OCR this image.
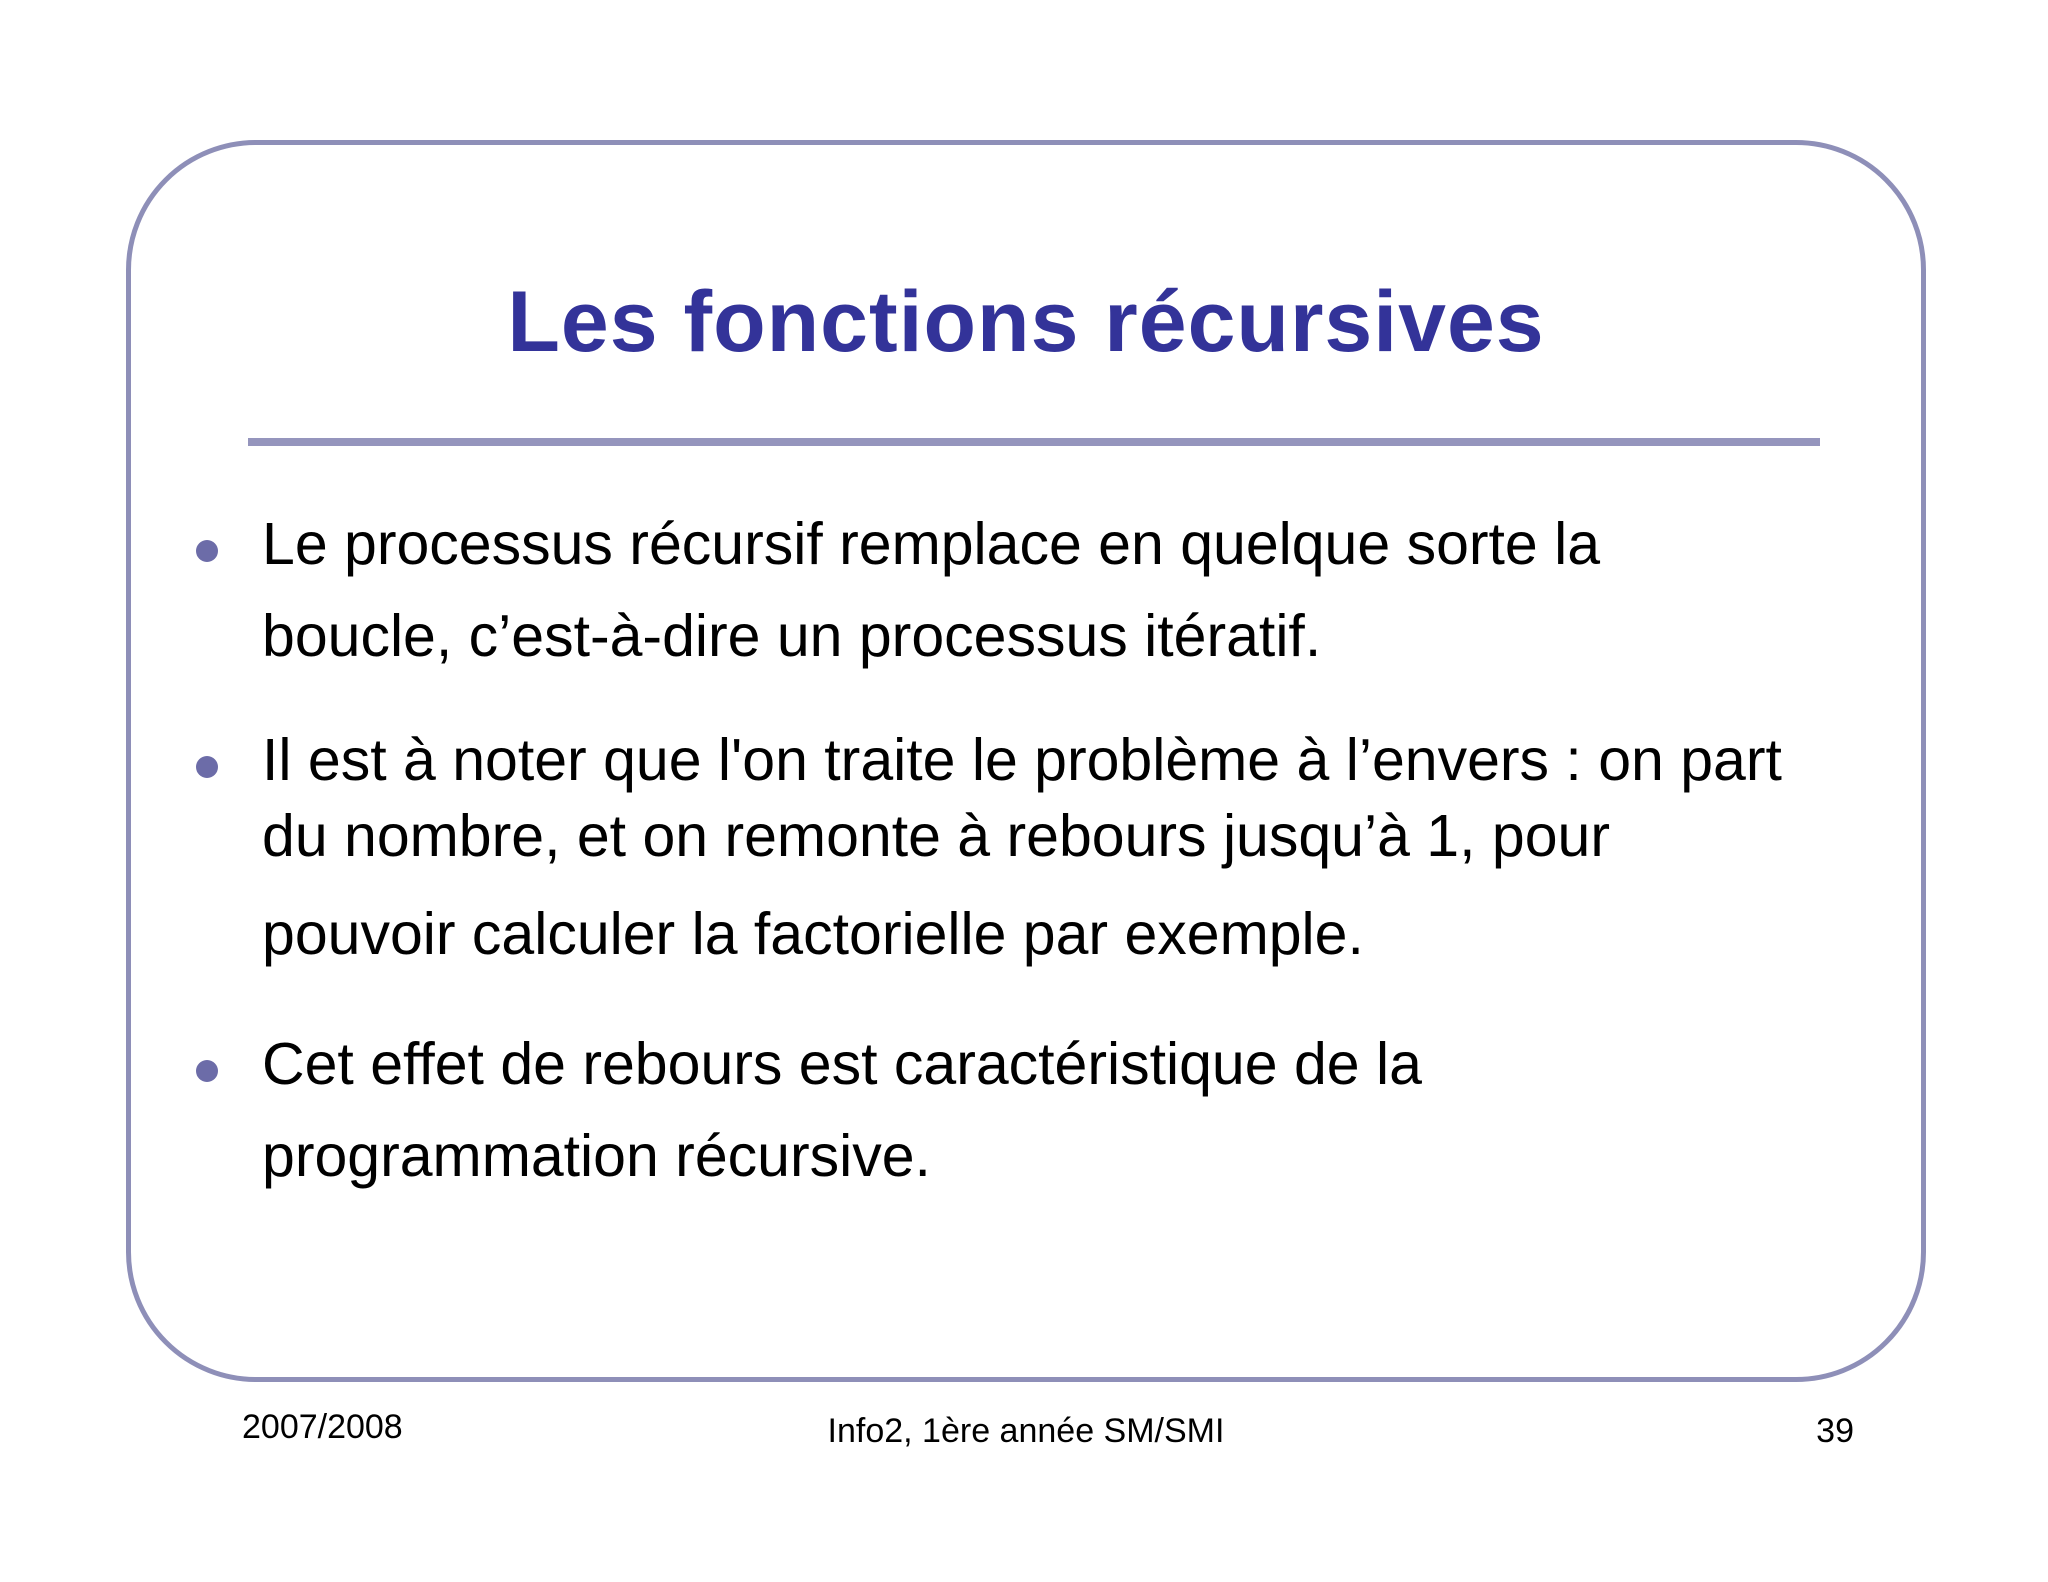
Les fonctions récursives
Le processus récursif remplace en quelque sorte la
boucle, c’est-à-dire un processus itératif.
Il est à noter que l'on traite le problème à l’envers : on part
du nombre, et on remonte à rebours jusqu’à 1, pour
pouvoir calculer la factorielle par exemple.
Cet effet de rebours est caractéristique de la
programmation récursive.
2007/2008	Info2, 1ère année SM/SMI	39
